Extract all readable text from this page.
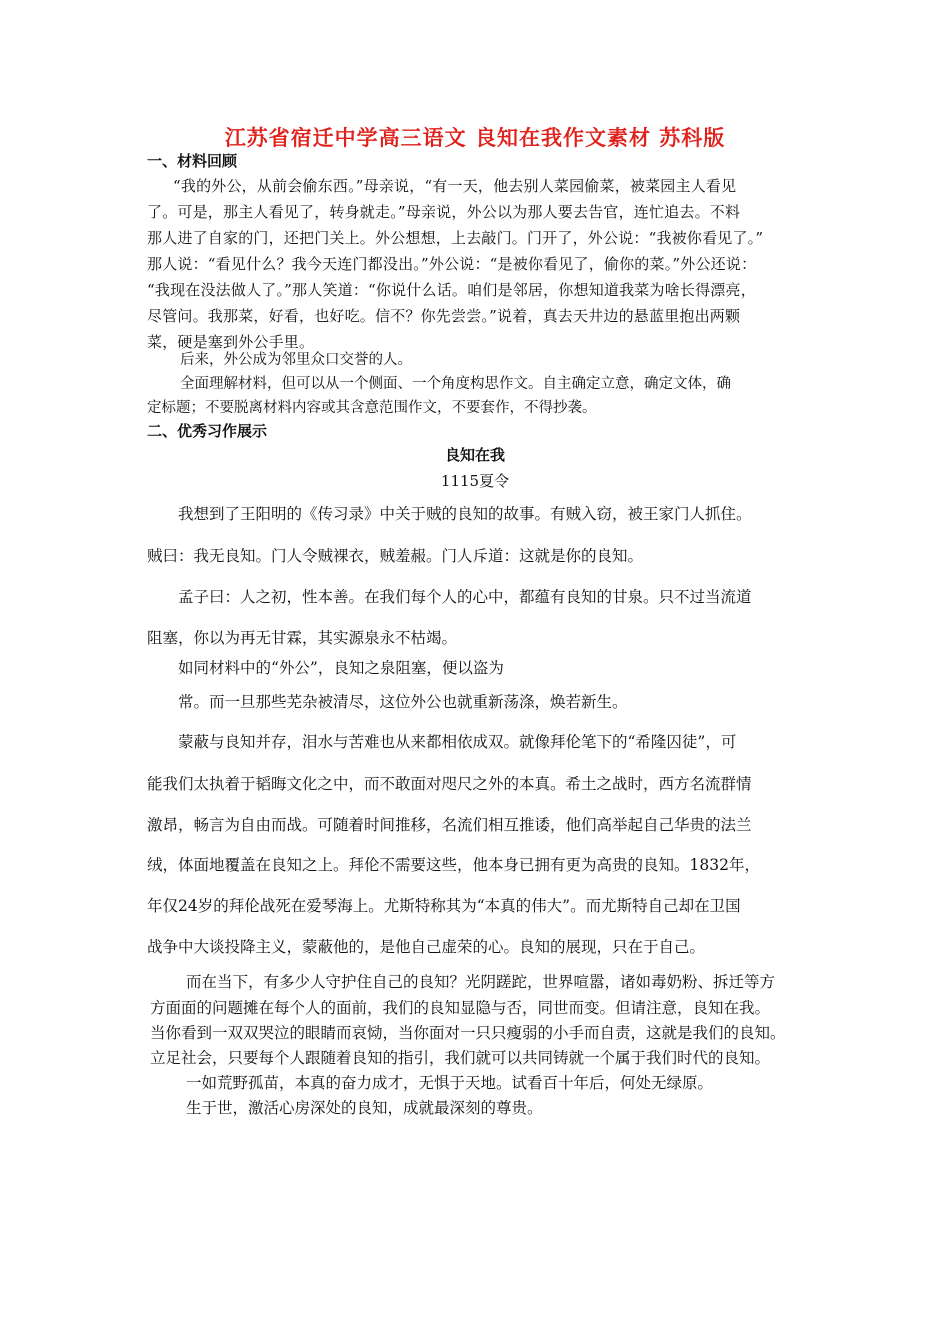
江苏省宿迁中学高三语文 良知在我作文素材 苏科版
一、材料回顾
“我的外公，从前会偷东西。”母亲说，“有一天，他去别人菜园偷菜，被菜园主人看见
了。可是，那主人看见了，转身就走。”母亲说，外公以为那人要去告官，连忙追去。不料
那人进了自家的门，还把门关上。外公想想，上去敲门。门开了，外公说：“我被你看见了。”
那人说：“看见什么？我今天连门都没出。”外公说：“是被你看见了，偷你的菜。”外公还说：
“我现在没法做人了。”那人笑道：“你说什么话。咱们是邻居，你想知道我菜为啥长得漂亮，
尽管问。我那菜，好看，也好吃。信不？你先尝尝。”说着，真去天井边的悬蓝里抱出两颗
菜，硬是塞到外公手里。
后来，外公成为邻里众口交誉的人。
全面理解材料，但可以从一个侧面、一个角度构思作文。自主确定立意，确定文体，确
定标题；不要脱离材料内容或其含意范围作文，不要套作，不得抄袭。
二、优秀习作展示
良知在我
1115夏令
我想到了王阳明的《传习录》中关于贼的良知的故事。有贼入窃，被王家门人抓住。
贼曰：我无良知。门人令贼裸衣，贼羞赧。门人斥道：这就是你的良知。
孟子曰：人之初，性本善。在我们每个人的心中，都蕴有良知的甘泉。只不过当流道
阻塞，你以为再无甘霖，其实源泉永不枯竭。
如同材料中的“外公”，良知之泉阻塞，便以盗为
常。而一旦那些芜杂被清尽，这位外公也就重新荡涤，焕若新生。
蒙蔽与良知并存，泪水与苦难也从来都相依成双。就像拜伦笔下的“希隆囚徒”，可
能我们太执着于韬晦文化之中，而不敢面对咫尺之外的本真。希土之战时，西方名流群情
激昂，畅言为自由而战。可随着时间推移，名流们相互推诿，他们高举起自己华贵的法兰
绒，体面地覆盖在良知之上。拜伦不需要这些，他本身已拥有更为高贵的良知。1832年，
年仅24岁的拜伦战死在爱琴海上。尤斯特称其为“本真的伟大”。而尤斯特自己却在卫国
战争中大谈投降主义，蒙蔽他的，是他自己虚荣的心。良知的展现，只在于自己。
而在当下，有多少人守护住自己的良知？光阴蹉跎，世界喧嚣，诸如毒奶粉、拆迁等方
方面面的问题摊在每个人的面前，我们的良知显隐与否，同世而变。但请注意，良知在我。
当你看到一双双哭泣的眼睛而哀恸，当你面对一只只瘦弱的小手而自责，这就是我们的良知。
立足社会，只要每个人跟随着良知的指引，我们就可以共同铸就一个属于我们时代的良知。
一如荒野孤苗，本真的奋力成才，无惧于天地。试看百十年后，何处无绿原。
生于世，激活心房深处的良知，成就最深刻的尊贵。
